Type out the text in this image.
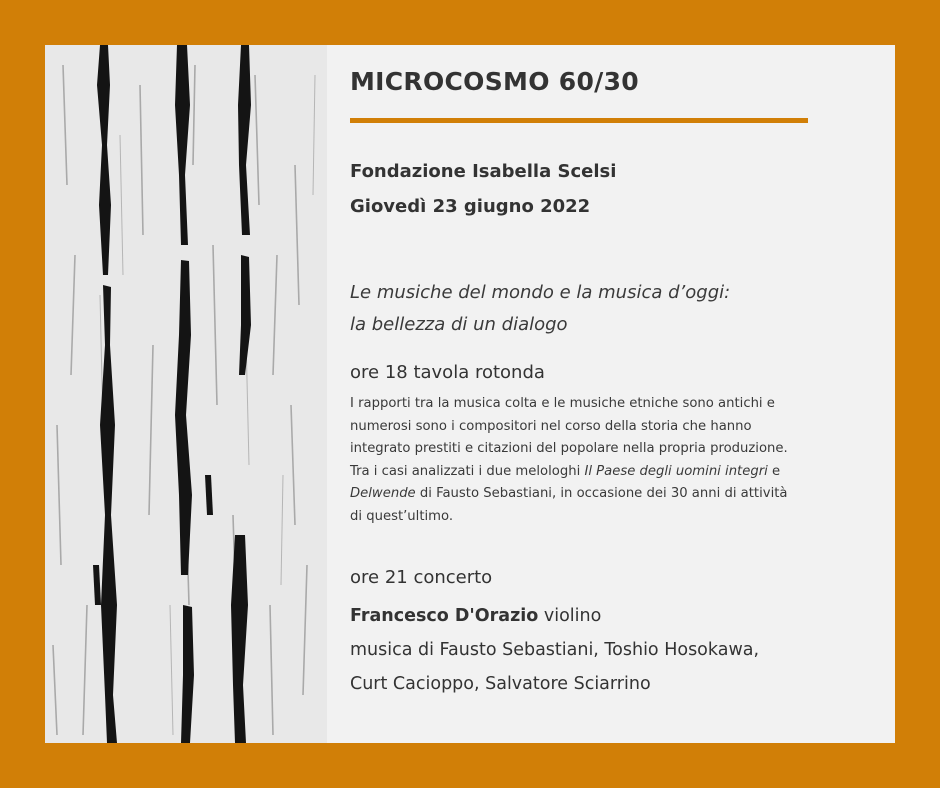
MICROCOSMO 60/30
Fondazione Isabella Scelsi
Giovedì 23 giugno 2022
Le musiche del mondo e la musica d’oggi:
la bellezza di un dialogo
ore 18 tavola rotonda
I rapporti tra la musica colta e le musiche etniche sono antichi e
numerosi sono i compositori nel corso della storia che hanno
integrato prestiti e citazioni del popolare nella propria produzione.
Tra i casi analizzati i due melologhi Il Paese degli uomini integri e
Delwende di Fausto Sebastiani, in occasione dei 30 anni di attività
di quest’ultimo.
ore 21 concerto
Francesco D'Orazio violino
musica di Fausto Sebastiani, Toshio Hosokawa,
Curt Cacioppo, Salvatore Sciarrino
